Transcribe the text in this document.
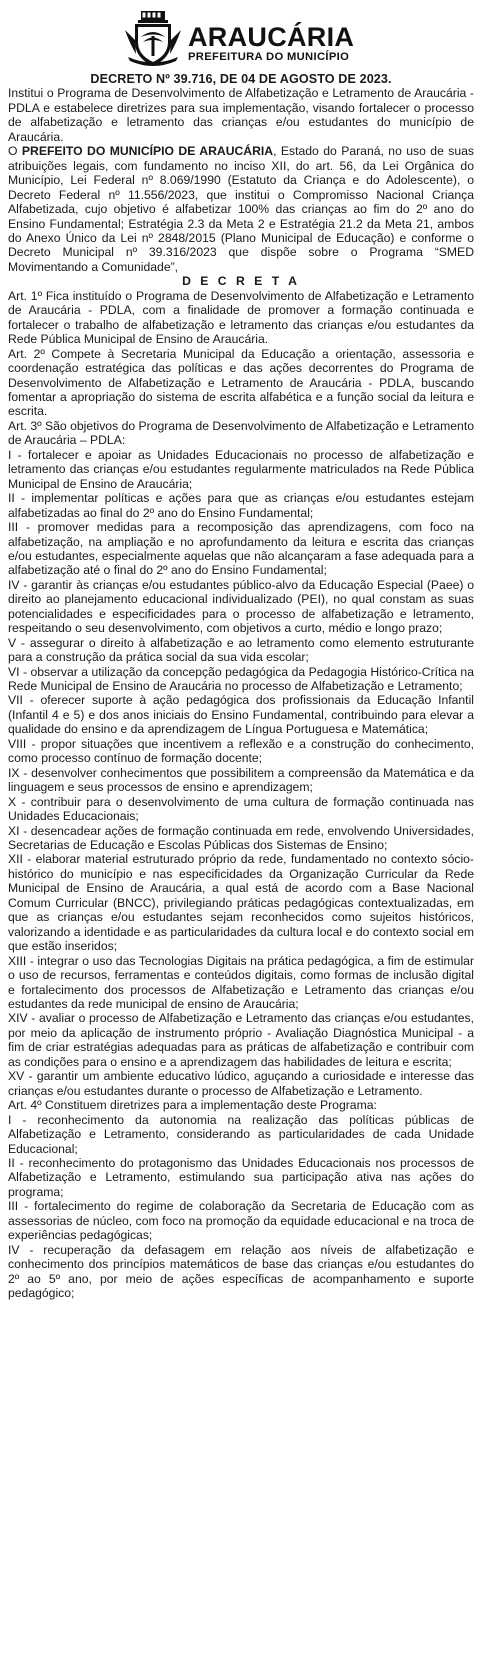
ARAUCÁRIA
PREFEITURA DO MUNICÍPIO

DECRETO Nº 39.716, DE 04 DE AGOSTO DE 2023.

Institui o Programa de Desenvolvimento de Alfabetização e Letramento de Araucária - PDLA e estabelece diretrizes para sua implementação, visando fortalecer o processo de alfabetização e letramento das crianças e/ou estudantes do município de Araucária.

O PREFEITO DO MUNICÍPIO DE ARAUCÁRIA, Estado do Paraná, no uso de suas atribuições legais, com fundamento no inciso XII, do art. 56, da Lei Orgânica do Município, Lei Federal nº 8.069/1990 (Estatuto da Criança e do Adolescente), o Decreto Federal nº 11.556/2023, que institui o Compromisso Nacional Criança Alfabetizada, cujo objetivo é alfabetizar 100% das crianças ao fim do 2º ano do Ensino Fundamental; Estratégia 2.3 da Meta 2 e Estratégia 21.2 da Meta 21, ambos do Anexo Único da Lei nº 2848/2015 (Plano Municipal de Educação) e conforme o Decreto Municipal nº 39.316/2023 que dispõe sobre o Programa “SMED Movimentando a Comunidade”,

D E C R E T A

Art. 1º Fica instituído o Programa de Desenvolvimento de Alfabetização e Letramento de Araucária - PDLA, com a finalidade de promover a formação continuada e fortalecer o trabalho de alfabetização e letramento das crianças e/ou estudantes da Rede Pública Municipal de Ensino de Araucária.

Art. 2º Compete à Secretaria Municipal da Educação a orientação, assessoria e coordenação estratégica das políticas e das ações decorrentes do Programa de Desenvolvimento de Alfabetização e Letramento de Araucária - PDLA, buscando fomentar a apropriação do sistema de escrita alfabética e a função social da leitura e escrita.

Art. 3º São objetivos do Programa de Desenvolvimento de Alfabetização e Letramento de Araucária – PDLA:

I - fortalecer e apoiar as Unidades Educacionais no processo de alfabetização e letramento das crianças e/ou estudantes regularmente matriculados na Rede Pública Municipal de Ensino de Araucária;

II - implementar políticas e ações para que as crianças e/ou estudantes estejam alfabetizadas ao final do 2º ano do Ensino Fundamental;

III - promover medidas para a recomposição das aprendizagens, com foco na alfabetização, na ampliação e no aprofundamento da leitura e escrita das crianças e/ou estudantes, especialmente aquelas que não alcançaram a fase adequada para a alfabetização até o final do 2º ano do Ensino Fundamental;

IV - garantir às crianças e/ou estudantes público-alvo da Educação Especial (Paee) o direito ao planejamento educacional individualizado (PEI), no qual constam as suas potencialidades e especificidades para o processo de alfabetização e letramento, respeitando o seu desenvolvimento, com objetivos a curto, médio e longo prazo;

V - assegurar o direito à alfabetização e ao letramento como elemento estruturante para a construção da prática social da sua vida escolar;

VI - observar a utilização da concepção pedagógica da Pedagogia Histórico-Crítica na Rede Municipal de Ensino de Araucária no processo de Alfabetização e Letramento;

VII - oferecer suporte à ação pedagógica dos profissionais da Educação Infantil (Infantil 4 e 5) e dos anos iniciais do Ensino Fundamental, contribuindo para elevar a qualidade do ensino e da aprendizagem de Língua Portuguesa e Matemática;

VIII - propor situações que incentivem a reflexão e a construção do conhecimento, como processo contínuo de formação docente;

IX - desenvolver conhecimentos que possibilitem a compreensão da Matemática e da linguagem e seus processos de ensino e aprendizagem;

X - contribuir para o desenvolvimento de uma cultura de formação continuada nas Unidades Educacionais;

XI - desencadear ações de formação continuada em rede, envolvendo Universidades, Secretarias de Educação e Escolas Públicas dos Sistemas de Ensino;

XII - elaborar material estruturado próprio da rede, fundamentado no contexto sócio-histórico do município e nas especificidades da Organização Curricular da Rede Municipal de Ensino de Araucária, a qual está de acordo com a Base Nacional Comum Curricular (BNCC), privilegiando práticas pedagógicas contextualizadas, em que as crianças e/ou estudantes sejam reconhecidos como sujeitos históricos, valorizando a identidade e as particularidades da cultura local e do contexto social em que estão inseridos;

XIII - integrar o uso das Tecnologias Digitais na prática pedagógica, a fim de estimular o uso de recursos, ferramentas e conteúdos digitais, como formas de inclusão digital e fortalecimento dos processos de Alfabetização e Letramento das crianças e/ou estudantes da rede municipal de ensino de Araucária;

XIV - avaliar o processo de Alfabetização e Letramento das crianças e/ou estudantes, por meio da aplicação de instrumento próprio - Avaliação Diagnóstica Municipal - a fim de criar estratégias adequadas para as práticas de alfabetização e contribuir com as condições para o ensino e a aprendizagem das habilidades de leitura e escrita;

XV - garantir um ambiente educativo lúdico, aguçando a curiosidade e interesse das crianças e/ou estudantes durante o processo de Alfabetização e Letramento.

Art. 4º Constituem diretrizes para a implementação deste Programa:

I - reconhecimento da autonomia na realização das políticas públicas de Alfabetização e Letramento, considerando as particularidades de cada Unidade Educacional;

II - reconhecimento do protagonismo das Unidades Educacionais nos processos de Alfabetização e Letramento, estimulando sua participação ativa nas ações do programa;

III - fortalecimento do regime de colaboração da Secretaria de Educação com as assessorias de núcleo, com foco na promoção da equidade educacional e na troca de experiências pedagógicas;

IV - recuperação da defasagem em relação aos níveis de alfabetização e conhecimento dos princípios matemáticos de base das crianças e/ou estudantes do 2º ao 5º ano, por meio de ações específicas de acompanhamento e suporte pedagógico;
